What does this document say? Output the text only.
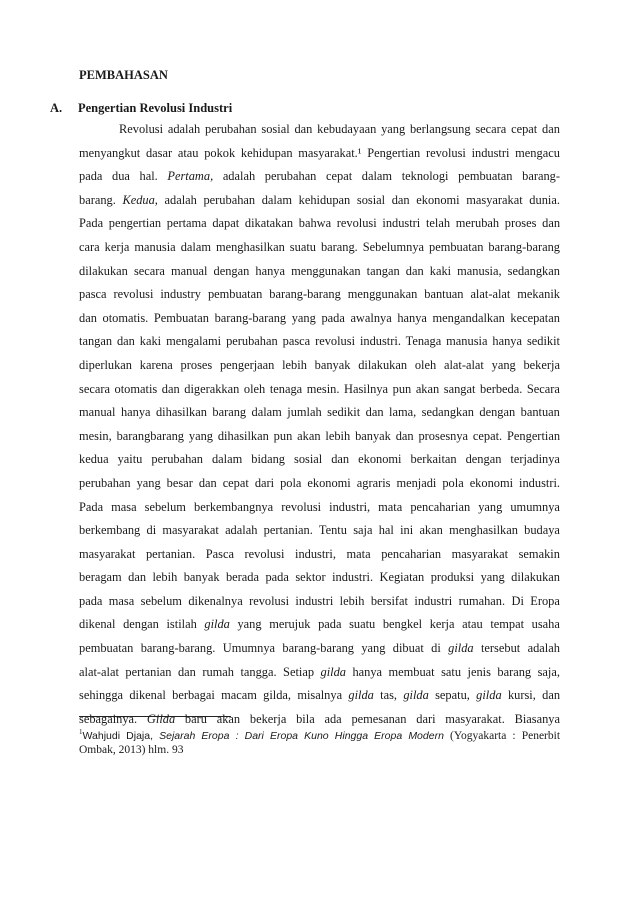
PEMBAHASAN
A. Pengertian Revolusi Industri
Revolusi adalah perubahan sosial dan kebudayaan yang berlangsung secara cepat dan
menyangkut dasar atau pokok kehidupan masyarakat.¹ Pengertian revolusi industri mengacu
pada dua hal. Pertama, adalah perubahan cepat dalam teknologi pembuatan barang-
barang. Kedua, adalah perubahan dalam kehidupan sosial dan ekonomi masyarakat dunia.
Pada pengertian pertama dapat dikatakan bahwa revolusi industri telah merubah proses dan
cara kerja manusia dalam menghasilkan suatu barang. Sebelumnya pembuatan barang-barang
dilakukan secara manual dengan hanya menggunakan tangan dan kaki manusia, sedangkan
pasca revolusi industry pembuatan barang-barang menggunakan bantuan alat-alat mekanik
dan otomatis. Pembuatan barang-barang yang pada awalnya hanya mengandalkan kecepatan
tangan dan kaki mengalami perubahan pasca revolusi industri. Tenaga manusia hanya sedikit
diperlukan karena proses pengerjaan lebih banyak dilakukan oleh alat-alat yang bekerja
secara otomatis dan digerakkan oleh tenaga mesin. Hasilnya pun akan sangat berbeda. Secara
manual hanya dihasilkan barang dalam jumlah sedikit dan lama, sedangkan dengan bantuan
mesin, barangbarang yang dihasilkan pun akan lebih banyak dan prosesnya cepat. Pengertian
kedua yaitu perubahan dalam bidang sosial dan ekonomi berkaitan dengan terjadinya
perubahan yang besar dan cepat dari pola ekonomi agraris menjadi pola ekonomi industri.
Pada masa sebelum berkembangnya revolusi industri, mata pencaharian yang umumnya
berkembang di masyarakat adalah pertanian. Tentu saja hal ini akan menghasilkan budaya
masyarakat pertanian. Pasca revolusi industri, mata pencaharian masyarakat semakin
beragam dan lebih banyak berada pada sektor industri. Kegiatan produksi yang dilakukan
pada masa sebelum dikenalnya revolusi industri lebih bersifat industri rumahan. Di Eropa
dikenal dengan istilah gilda yang merujuk pada suatu bengkel kerja atau tempat usaha
pembuatan barang-barang. Umumnya barang-barang yang dibuat di gilda tersebut adalah
alat-alat pertanian dan rumah tangga. Setiap gilda hanya membuat satu jenis barang saja,
sehingga dikenal berbagai macam gilda, misalnya gilda tas, gilda sepatu, gilda kursi, dan
sebagainya. Gilda baru akan bekerja bila ada pemesanan dari masyarakat. Biasanya
$^1$Wahjudi Djaja, Sejarah Eropa : Dari Eropa Kuno Hingga Eropa Modern (Yogyakarta : Penerbit
Ombak, 2013) hlm. 93
